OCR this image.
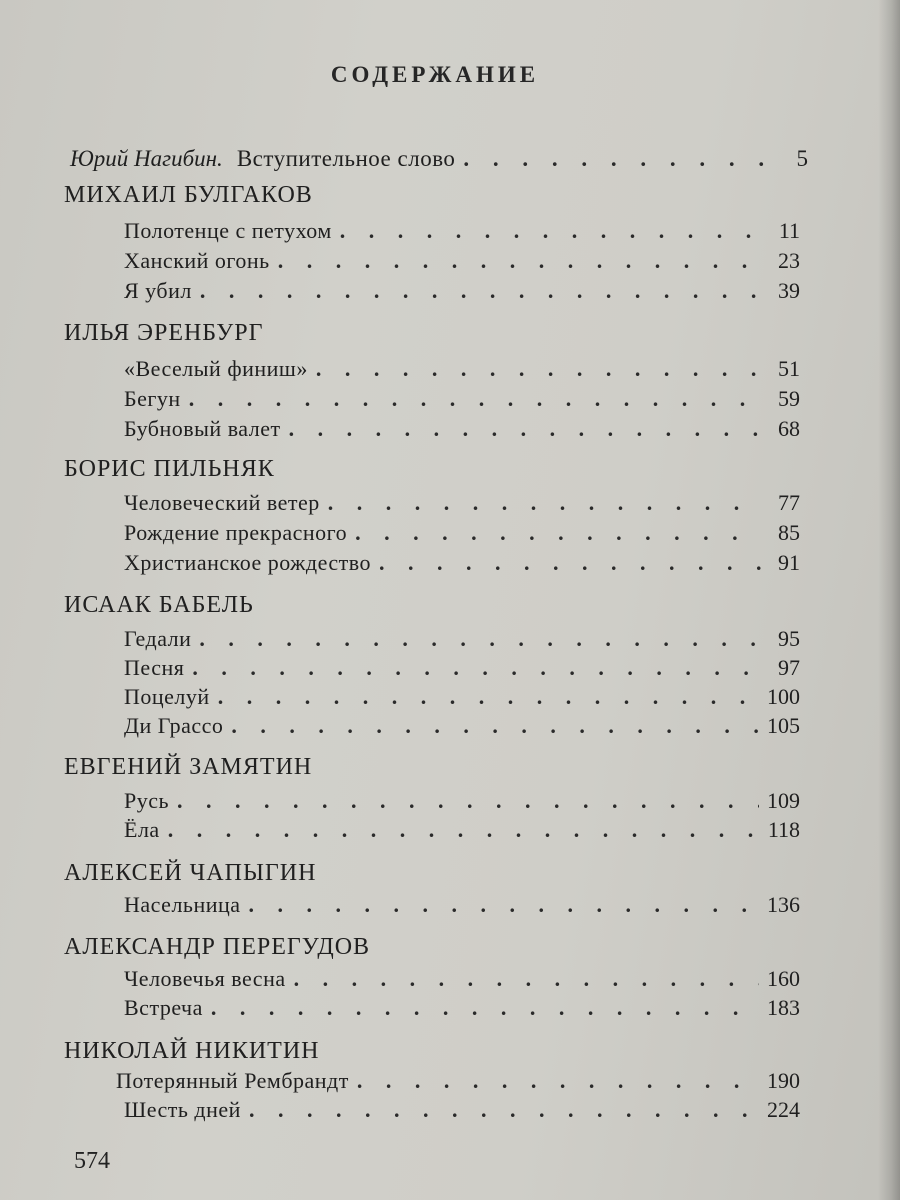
СОДЕРЖАНИЕ
Юрий Нагибин. Вступительное слово . . .	5
МИХАИЛ БУЛГАКОВ
Полотенце с петухом . . .	11
Ханский огонь . . .	23
Я убил . . .	39
ИЛЬЯ ЭРЕНБУРГ
«Веселый финиш» . . .	51
Бегун . . .	59
Бубновый валет . . .	68
БОРИС ПИЛЬНЯК
Человеческий ветер . . .	77
Рождение прекрасного . . .	85
Христианское рождество . . .	91
ИСААК БАБЕЛЬ
Гедали . . .	95
Песня . . .	97
Поцелуй . . .	100
Ди Грассо . . .	105
ЕВГЕНИЙ ЗАМЯТИН
Русь . . .	109
Ёла . . .	118
АЛЕКСЕЙ ЧАПЫГИН
Насельница . . .	136
АЛЕКСАНДР ПЕРЕГУДОВ
Человечья весна . . .	160
Встреча . . .	183
НИКОЛАЙ НИКИТИН
Потерянный Рембрандт . . .	190
Шесть дней . . .	224
574
